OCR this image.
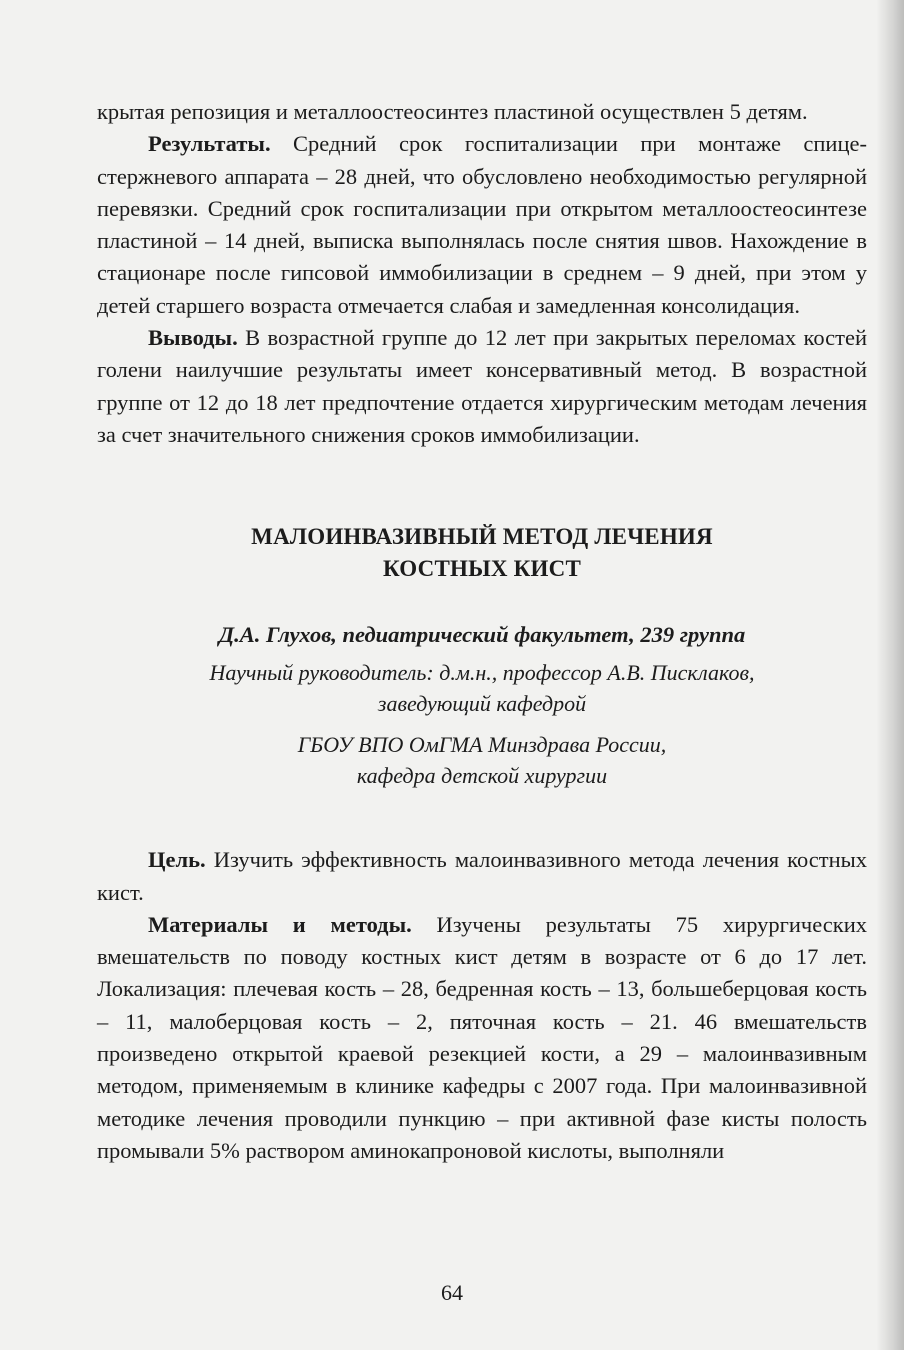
крытая репозиция и металлоостеосинтез пластиной осуществлен 5 детям.

Результаты. Средний срок госпитализации при монтаже спице-стержневого аппарата – 28 дней, что обусловлено необходимостью регулярной перевязки. Средний срок госпитализации при открытом металлоостеосинтезе пластиной – 14 дней, выписка выполнялась после снятия швов. Нахождение в стационаре после гипсовой иммобилизации в среднем – 9 дней, при этом у детей старшего возраста отмечается слабая и замедленная консолидация.

Выводы. В возрастной группе до 12 лет при закрытых переломах костей голени наилучшие результаты имеет консервативный метод. В возрастной группе от 12 до 18 лет предпочтение отдается хирургическим методам лечения за счет значительного снижения сроков иммобилизации.

МАЛОИНВАЗИВНЫЙ МЕТОД ЛЕЧЕНИЯ
КОСТНЫХ КИСТ
Д.А. Глухов, педиатрический факультет, 239 группа
Научный руководитель: д.м.н., профессор А.В. Писклаков,
заведующий кафедрой
ГБОУ ВПО ОмГМА Минздрава России,
кафедра детской хирургии

Цель. Изучить эффективность малоинвазивного метода лечения костных кист.

Материалы и методы. Изучены результаты 75 хирургических вмешательств по поводу костных кист детям в возрасте от 6 до 17 лет. Локализация: плечевая кость – 28, бедренная кость – 13, большеберцовая кость – 11, малоберцовая кость – 2, пяточная кость – 21. 46 вмешательств произведено открытой краевой резекцией кости, а 29 – малоинвазивным методом, применяемым в клинике кафедры с 2007 года. При малоинвазивной методике лечения проводили пункцию – при активной фазе кисты полость промывали 5% раствором аминокапроновой кислоты, выполняли

64
